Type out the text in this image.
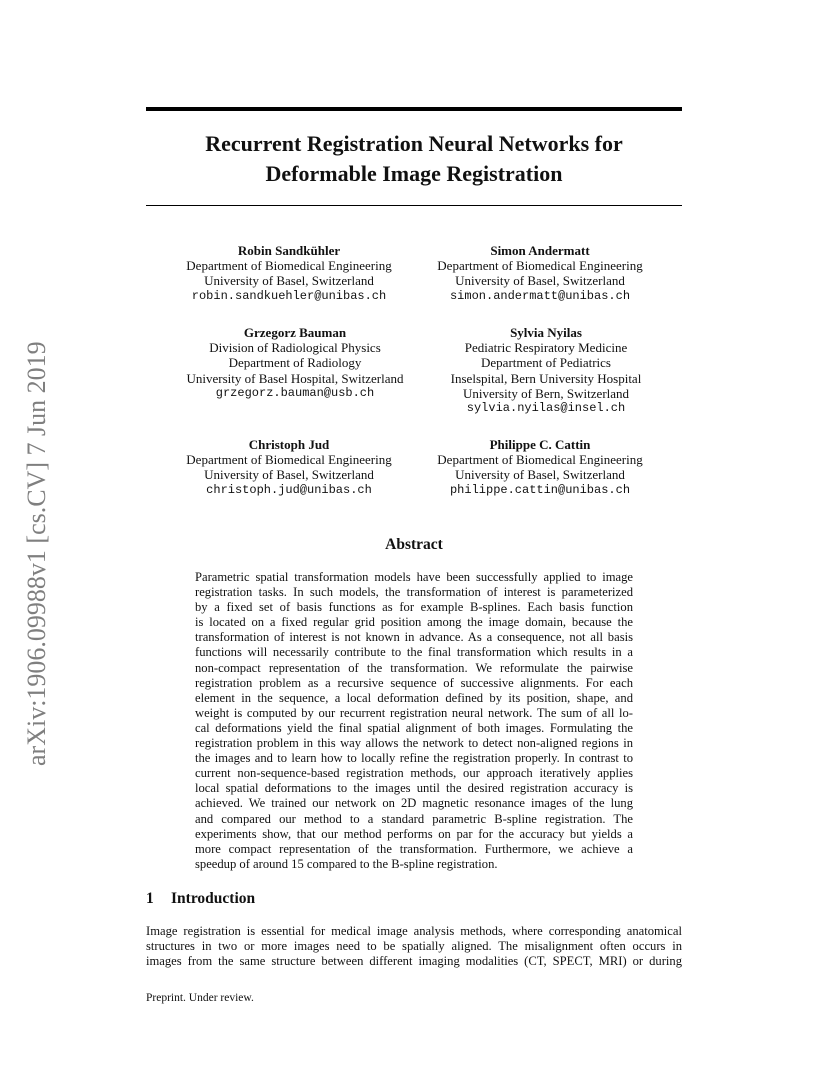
arXiv:1906.09988v1 [cs.CV] 7 Jun 2019
Recurrent Registration Neural Networks for
Deformable Image Registration
Robin Sandkühler
Department of Biomedical Engineering
University of Basel, Switzerland
robin.sandkuehler@unibas.ch
Simon Andermatt
Department of Biomedical Engineering
University of Basel, Switzerland
simon.andermatt@unibas.ch
Grzegorz Bauman
Division of Radiological Physics
Department of Radiology
University of Basel Hospital, Switzerland
grzegorz.bauman@usb.ch
Sylvia Nyilas
Pediatric Respiratory Medicine
Department of Pediatrics
Inselspital, Bern University Hospital
University of Bern, Switzerland
sylvia.nyilas@insel.ch
Christoph Jud
Department of Biomedical Engineering
University of Basel, Switzerland
christoph.jud@unibas.ch
Philippe C. Cattin
Department of Biomedical Engineering
University of Basel, Switzerland
philippe.cattin@unibas.ch
Abstract
Parametric spatial transformation models have been successfully applied to image
registration tasks. In such models, the transformation of interest is parameterized
by a fixed set of basis functions as for example B-splines. Each basis function
is located on a fixed regular grid position among the image domain, because the
transformation of interest is not known in advance. As a consequence, not all basis
functions will necessarily contribute to the final transformation which results in a
non-compact representation of the transformation. We reformulate the pairwise
registration problem as a recursive sequence of successive alignments. For each
element in the sequence, a local deformation defined by its position, shape, and
weight is computed by our recurrent registration neural network. The sum of all lo-
cal deformations yield the final spatial alignment of both images. Formulating the
registration problem in this way allows the network to detect non-aligned regions in
the images and to learn how to locally refine the registration properly. In contrast to
current non-sequence-based registration methods, our approach iteratively applies
local spatial deformations to the images until the desired registration accuracy is
achieved. We trained our network on 2D magnetic resonance images of the lung
and compared our method to a standard parametric B-spline registration. The
experiments show, that our method performs on par for the accuracy but yields a
more compact representation of the transformation. Furthermore, we achieve a
speedup of around 15 compared to the B-spline registration.
1 Introduction
Image registration is essential for medical image analysis methods, where corresponding anatomical
structures in two or more images need to be spatially aligned. The misalignment often occurs in
images from the same structure between different imaging modalities (CT, SPECT, MRI) or during
Preprint. Under review.
